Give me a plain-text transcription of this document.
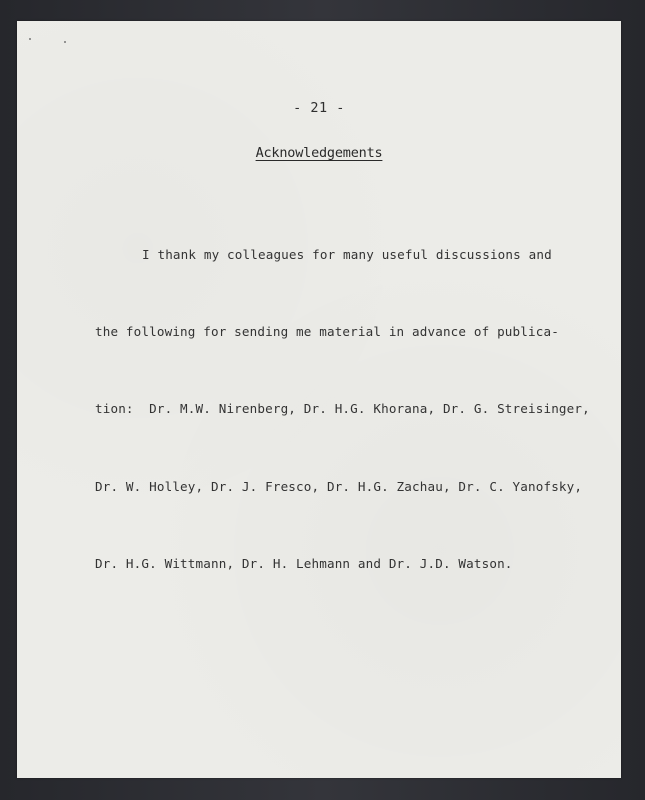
- 21 -
Acknowledgements

I thank my colleagues for many useful discussions and

the following for sending me material in advance of publica-

tion:  Dr. M.W. Nirenberg, Dr. H.G. Khorana, Dr. G. Streisinger,

Dr. W. Holley, Dr. J. Fresco, Dr. H.G. Zachau, Dr. C. Yanofsky,

Dr. H.G. Wittmann, Dr. H. Lehmann and Dr. J.D. Watson.
